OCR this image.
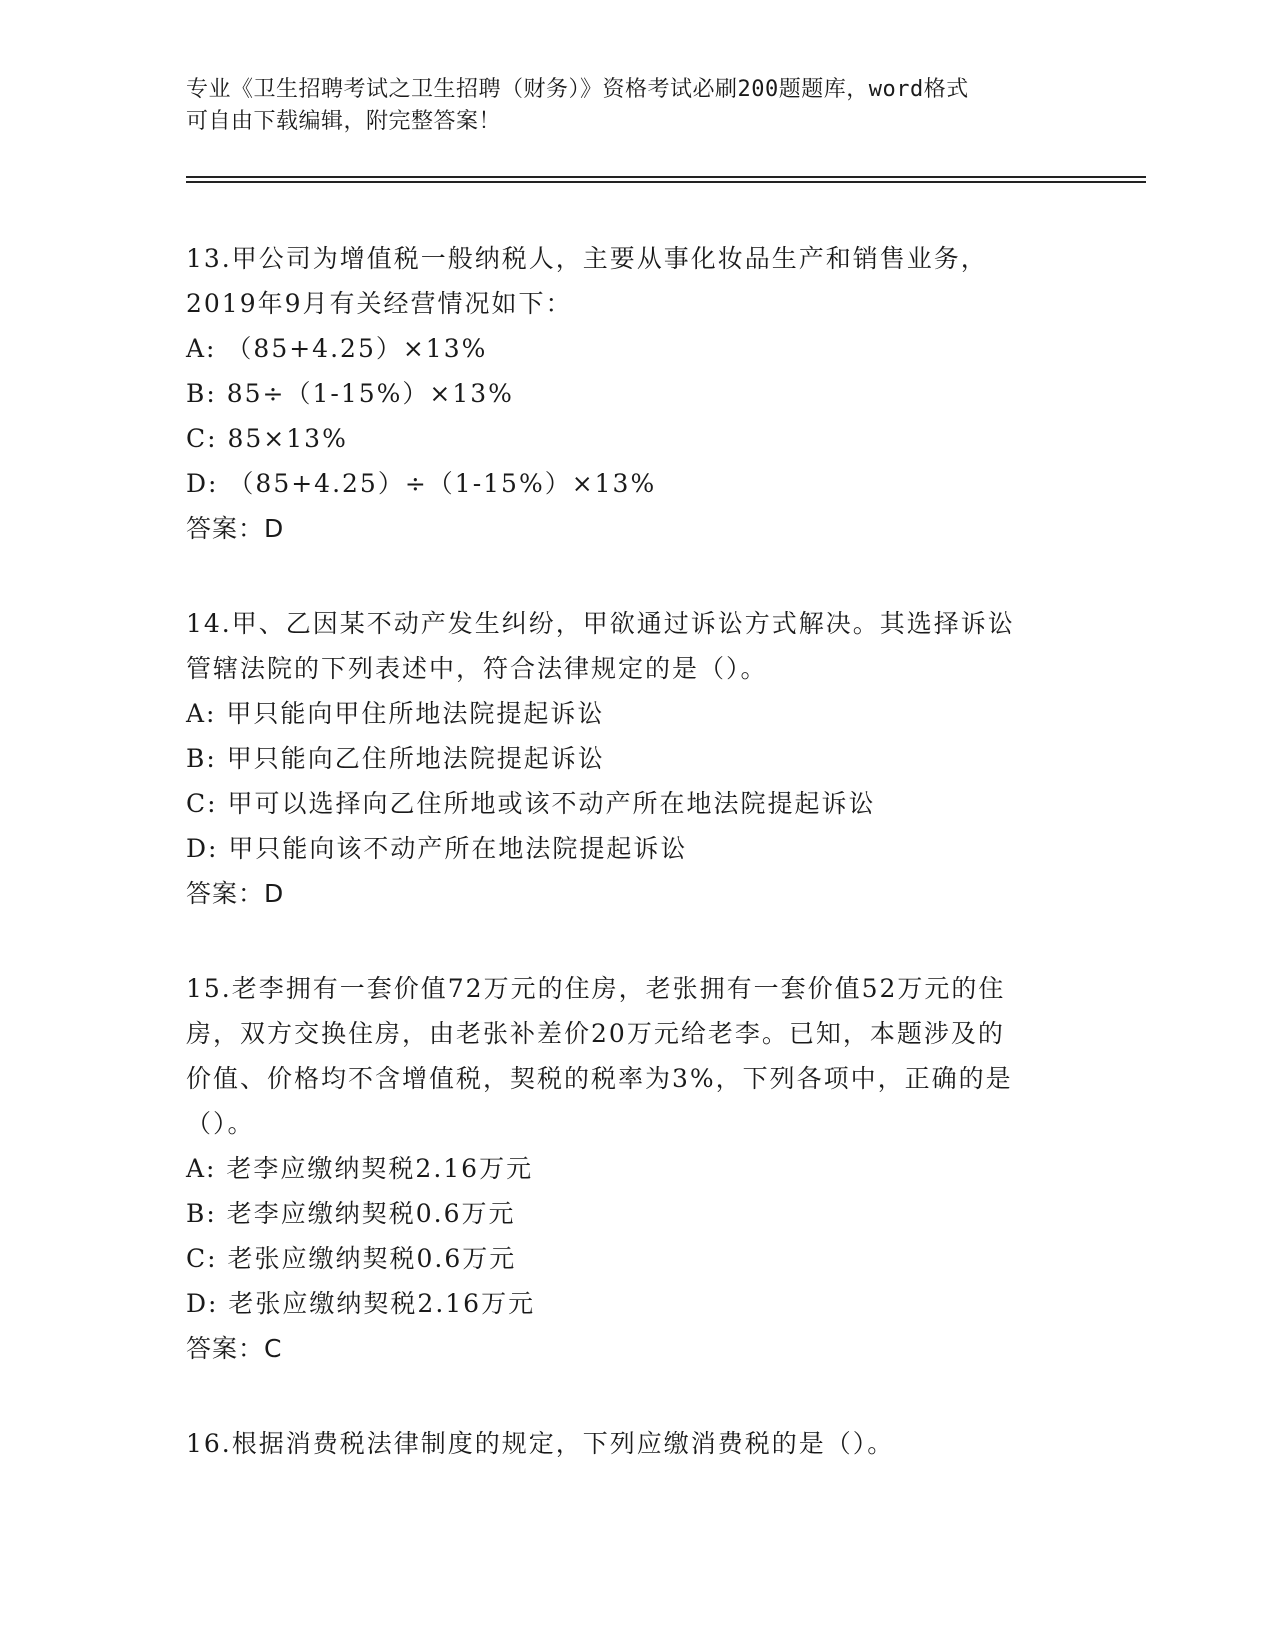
专业《卫生招聘考试之卫生招聘（财务）》资格考试必刷200题题库，word格式
可自由下载编辑，附完整答案！

13.甲公司为增值税一般纳税人，主要从事化妆品生产和销售业务，

2019年9月有关经营情况如下：

A: （85+4.25）×13%

B: 85÷（1-15%）×13%

C: 85×13%

D: （85+4.25）÷（1-15%）×13%

答案：D

14.甲、乙因某不动产发生纠纷，甲欲通过诉讼方式解决。其选择诉讼

管辖法院的下列表述中，符合法律规定的是（）。

A: 甲只能向甲住所地法院提起诉讼

B: 甲只能向乙住所地法院提起诉讼

C: 甲可以选择向乙住所地或该不动产所在地法院提起诉讼

D: 甲只能向该不动产所在地法院提起诉讼

答案：D

15.老李拥有一套价值72万元的住房，老张拥有一套价值52万元的住

房，双方交换住房，由老张补差价20万元给老李。已知，本题涉及的

价值、价格均不含增值税，契税的税率为3%，下列各项中，正确的是

（）。

A: 老李应缴纳契税2.16万元

B: 老李应缴纳契税0.6万元

C: 老张应缴纳契税0.6万元

D: 老张应缴纳契税2.16万元

答案：C

16.根据消费税法律制度的规定，下列应缴消费税的是（）。
